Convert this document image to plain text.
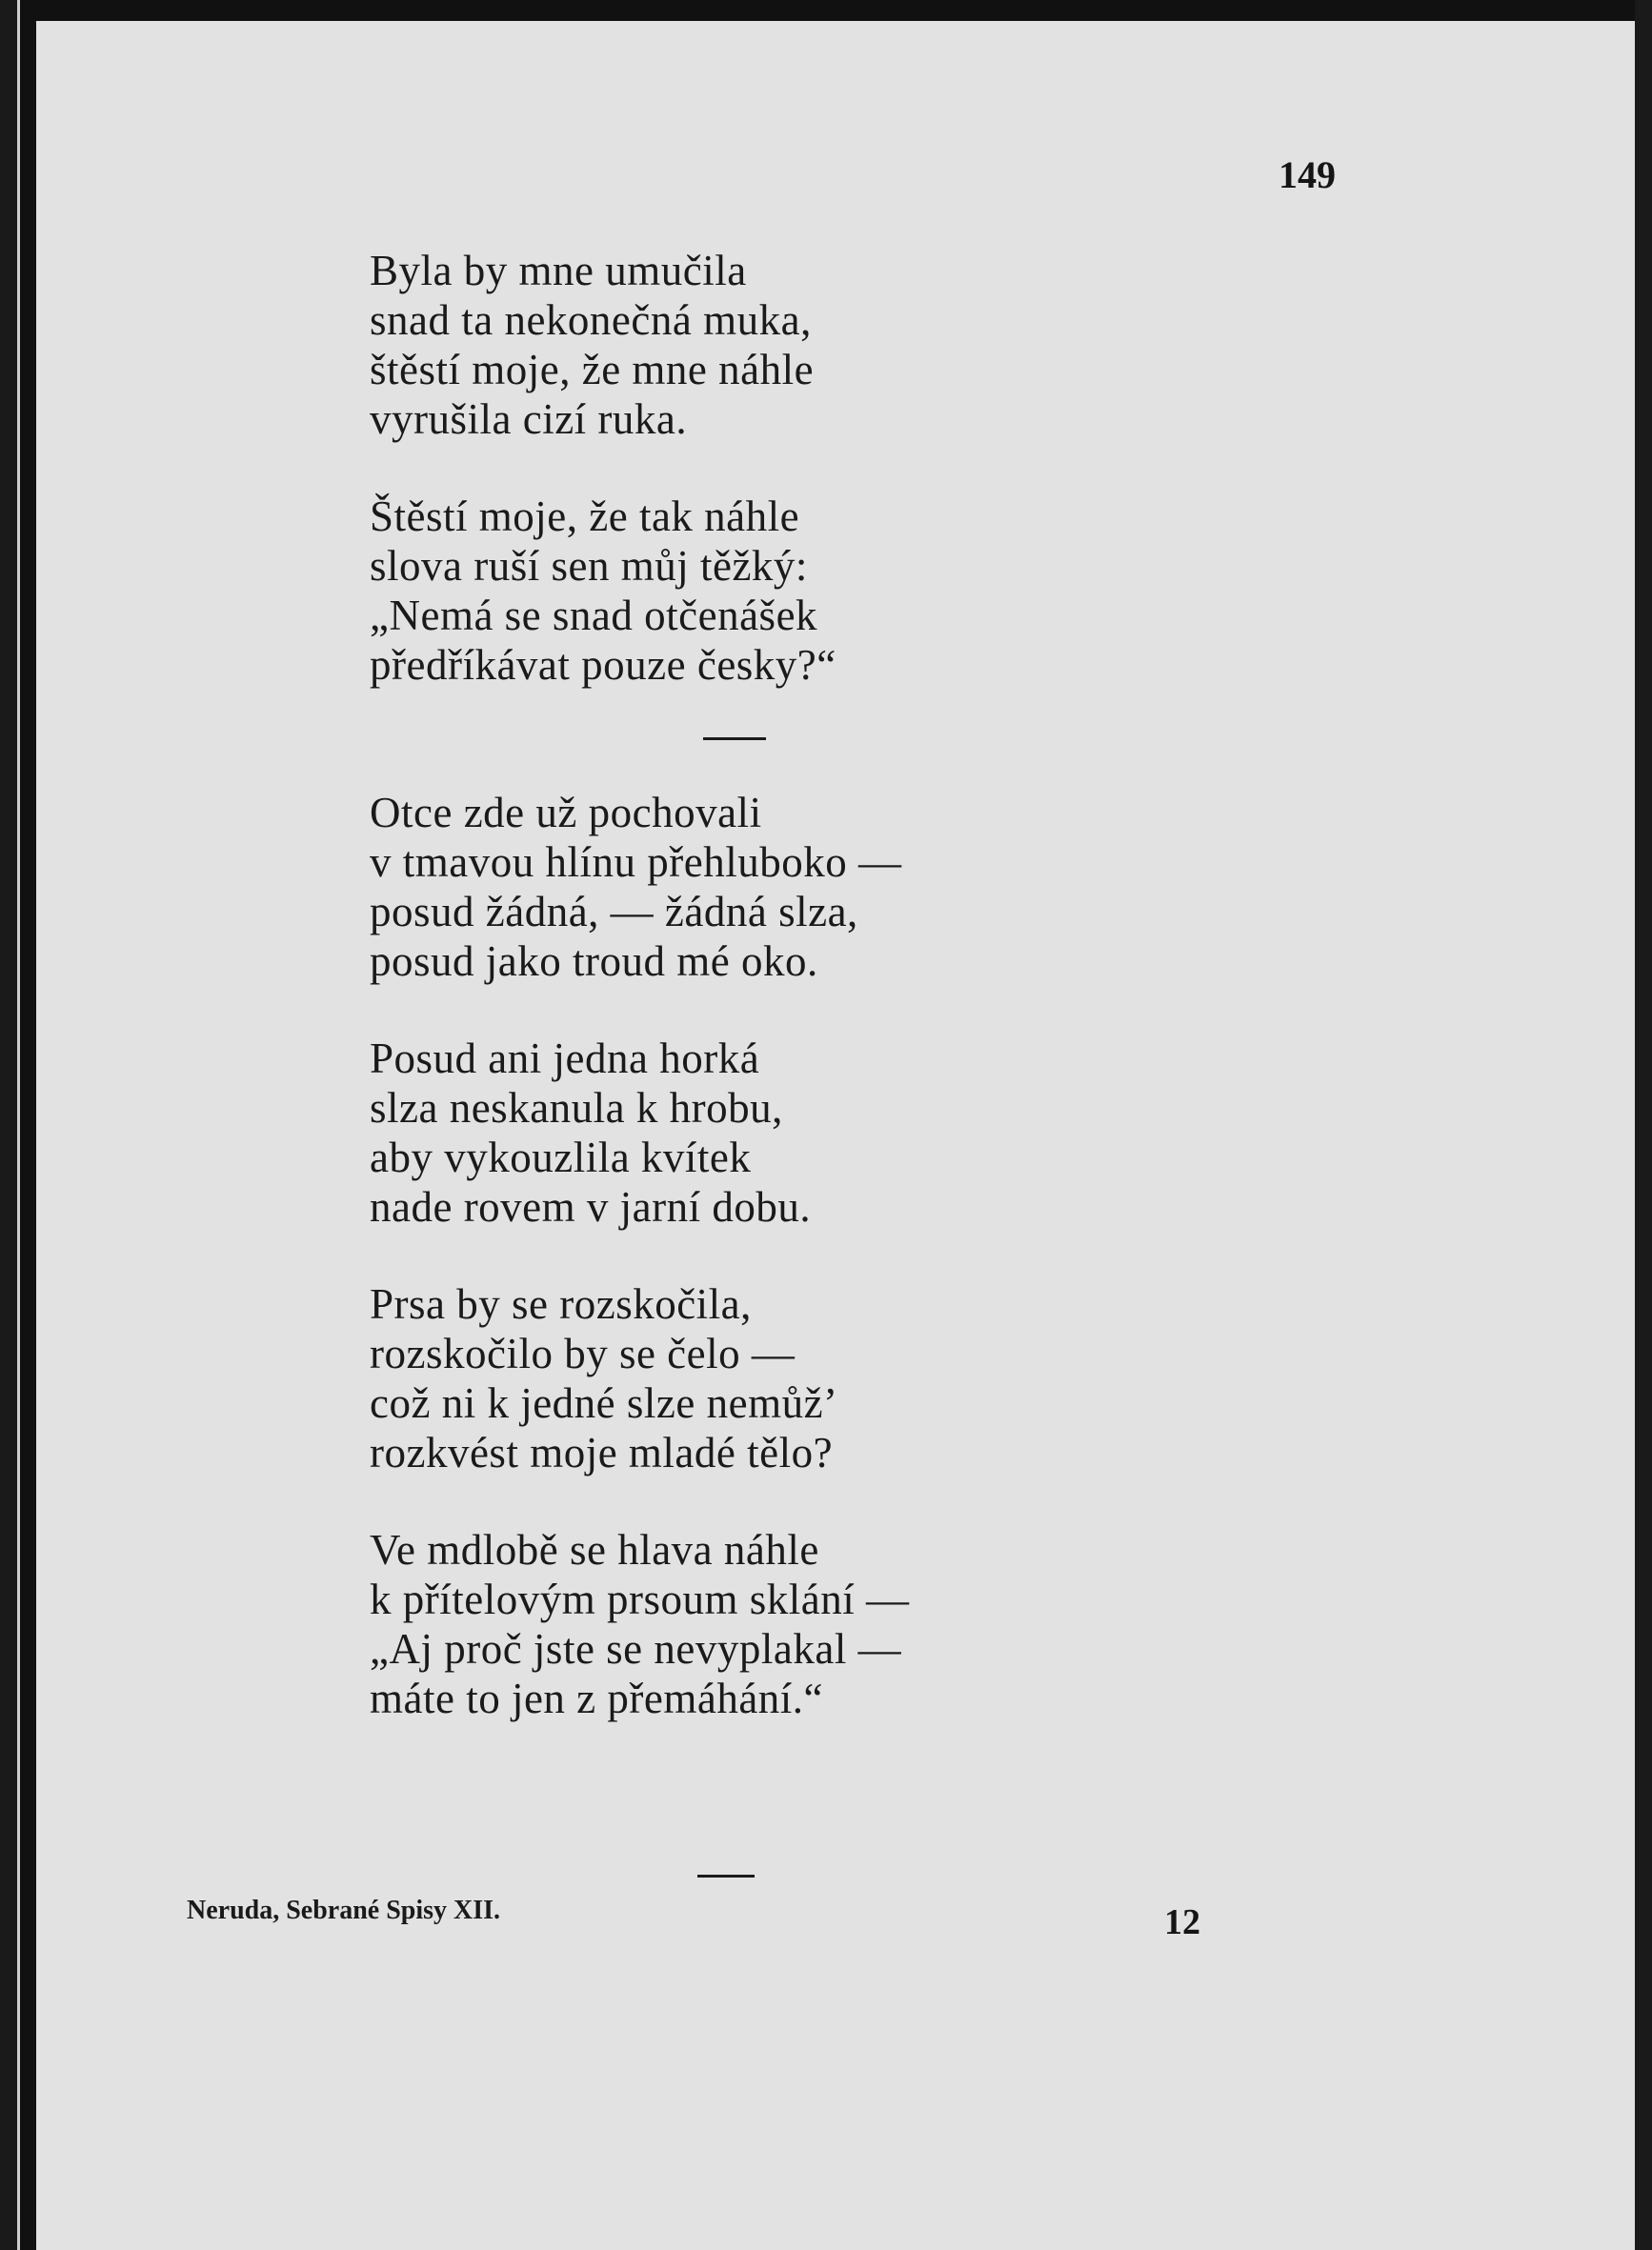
149
Byla by mne umučila
snad ta nekonečná muka,
štěstí moje, že mne náhle
vyrušila cizí ruka.
Štěstí moje, že tak náhle
slova ruší sen můj těžký:
„Nemá se snad otčenášek
předříkávat pouze česky?“
Otce zde už pochovali
v tmavou hlínu přehluboko —
posud žádná, — žádná slza,
posud jako troud mé oko.
Posud ani jedna horká
slza neskanula k hrobu,
aby vykouzlila kvítek
nade rovem v jarní dobu.
Prsa by se rozskočila,
rozskočilo by se čelo —
což ni k jedné slze nemůž’
rozkvést moje mladé tělo?
Ve mdlobě se hlava náhle
k přítelovým prsoum sklání —
„Aj proč jste se nevyplakal —
máte to jen z přemáhání.“
Neruda, Sebrané Spisy XII.	12
